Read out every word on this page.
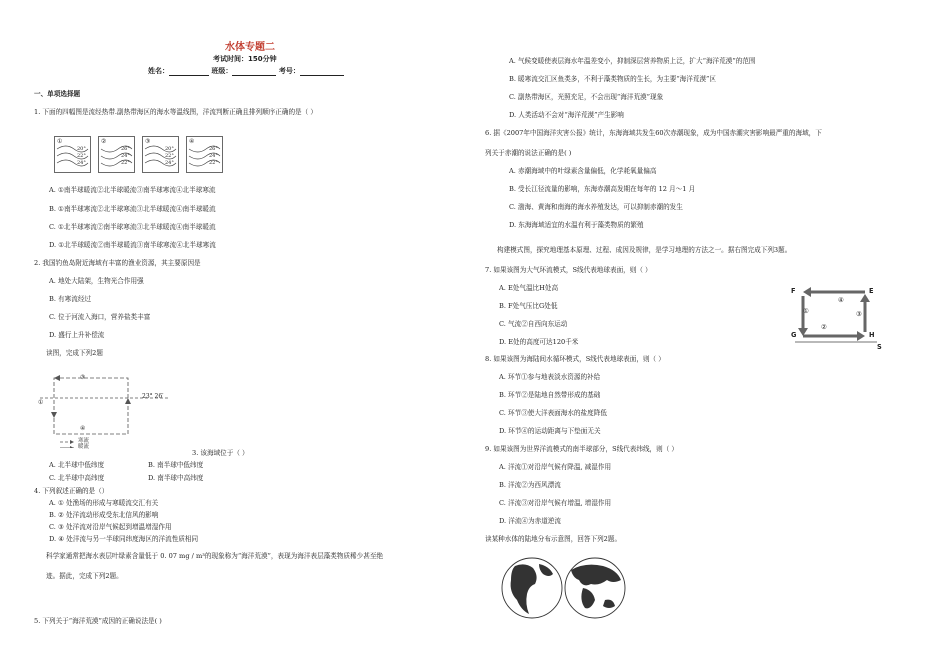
水体专题二
考试时间：150分钟
姓名：	班级：	考号：
一、单项选择题
1. 下面的四幅图是流经热带.副热带海区的海水等温线图，洋流判断正确且排列顺序正确的是（ ）
①
20°
22°
24°
②
26°
24°
22°
③
20°
22°
24°
④
26°
24°
22°
A. ①南半球暖流②北半球暖流③南半球寒流④北半球寒流
B. ①南半球寒流②北半球寒流③北半球暖流④南半球暖流
C. ①北半球寒流②南半球寒流③北半球暖流④南半球暖流
D. ①北半球暖流②南半球暖流③南半球寒流④北半球寒流
2. 我国钓鱼岛附近海域有丰富的渔业资源，其主要原因是
A. 地处大陆架，生物光合作用强
B. 有寒流经过
C. 位于河流入海口，营养盐类丰富
D. 盛行上升补偿流
读图，完成下列2题
③
①
④
23° 26′
寒流
暖流
3. 该海域位于（ ）
A. 北半球中低纬度	B. 南半球中低纬度
C. 北半球中高纬度	D. 南半球中高纬度
4. 下列叙述正确的是（）
A. ① 处渔场的形成与寒暖流交汇有关
B. ② 处洋流动形成受东北信风的影响
C. ③ 处洋流对沿岸气候起到增温增湿作用
D. ④ 处洋流与另一半球同纬度海区的洋流性质相同
科学家通常把海水表层叶绿素含量低于 0. 07 mg / m³的现象称为“海洋荒漠”，表现为海洋表层藻类物质稀少甚至绝
迹。据此，完成下列2题。
5. 下列关于“海洋荒漠”成因的正确说法是( )
A. 气候变暖使表层海水年温差变小，抑制深层营养物质上泛，扩大“海洋荒漠”的范围
B. 暖寒流交汇区鱼类多，不利于藻类物质的生长，为主要“海洋荒漠”区
C. 副热带海区，光照充足，不会出现“海洋荒漠”现象
D. 人类活动不会对“海洋荒漠”产生影响
6. 据《2007年中国海洋灾害公报》统计，东海海域共发生60次赤潮现象，成为中国赤潮灾害影响最严重的海域，下
列关于赤潮的说法正确的是( )
A. 赤潮海域中的叶绿素含量偏低，化学耗氧量偏高
B. 受长江径流量的影响，东海赤潮高发期在每年的 12 月～1 月
C. 渤海、黄海和南海的海水养殖发达，可以抑制赤潮的发生
D. 东海海域适宜的水温有利于藻类物质的繁殖
构建模式图，探究地理基本原理、过程、成因及规律，是学习地理的方法之一。据右图完成下列3题。
7. 如果该图为大气环流模式，S线代表地球表面，则（ ）
A. E处气温比H处高
B. F处气压比G处低
C. 气流②自西向东运动
D. E处的高度可达120千米
F	E
G	H
S
④
①	③
②
8. 如果该图为海陆间水循环模式，S线代表地球表面，则（ ）
A. 环节①参与地表淡水资源的补给
B. 环节②是陆地自然带形成的基础
C. 环节③使大洋表面海水的盐度降低
D. 环节④的运动距离与下垫面无关
9. 如果该图为世界洋流模式的南半球部分，S线代表纬线，则（ ）
A. 洋流①对沿岸气候有降温, 减湿作用
B. 洋流②为西风漂流
C. 洋流③对沿岸气候有增温, 增湿作用
D. 洋流④为赤道逆流
读某种水体的陆地分布示意图，回答下列2题。
